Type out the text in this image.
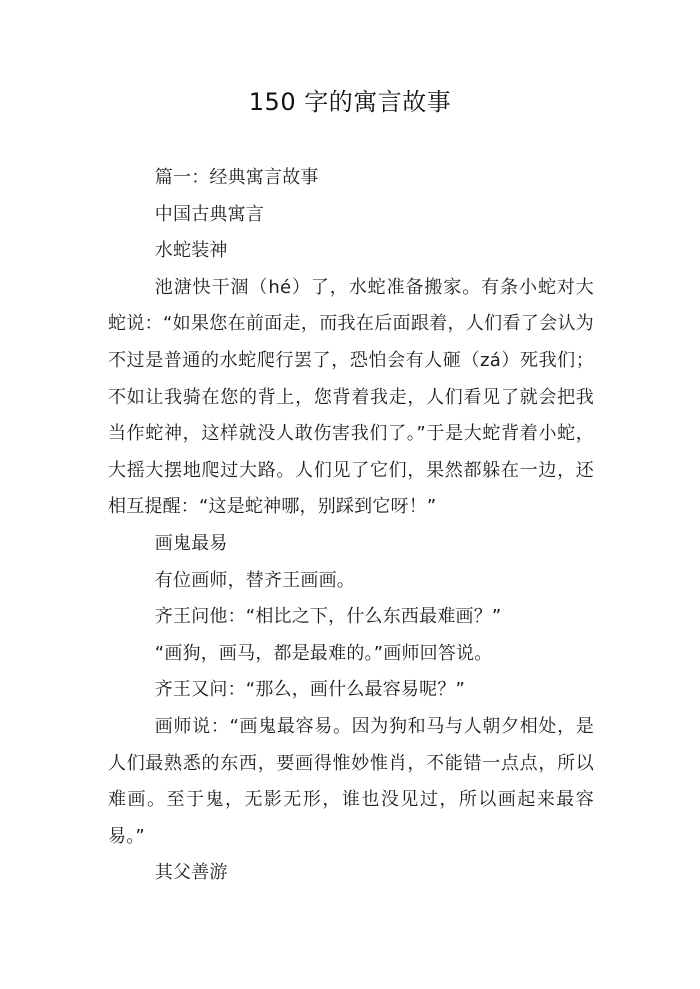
150 字的寓言故事

篇一：经典寓言故事

中国古典寓言

水蛇装神

池溏快干涸（hé）了，水蛇准备搬家。有条小蛇对大蛇说：“如果您在前面走，而我在后面跟着，人们看了会认为不过是普通的水蛇爬行罢了，恐怕会有人砸（zá）死我们；不如让我骑在您的背上，您背着我走，人们看见了就会把我当作蛇神，这样就没人敢伤害我们了。”于是大蛇背着小蛇，大摇大摆地爬过大路。人们见了它们，果然都躲在一边，还相互提醒：“这是蛇神哪，别踩到它呀！”

画鬼最易

有位画师，替齐王画画。

齐王问他：“相比之下，什么东西最难画？”

“画狗，画马，都是最难的。”画师回答说。

齐王又问：“那么，画什么最容易呢？”

画师说：“画鬼最容易。因为狗和马与人朝夕相处，是人们最熟悉的东西，要画得惟妙惟肖，不能错一点点，所以难画。至于鬼，无影无形，谁也没见过，所以画起来最容易。”

其父善游
